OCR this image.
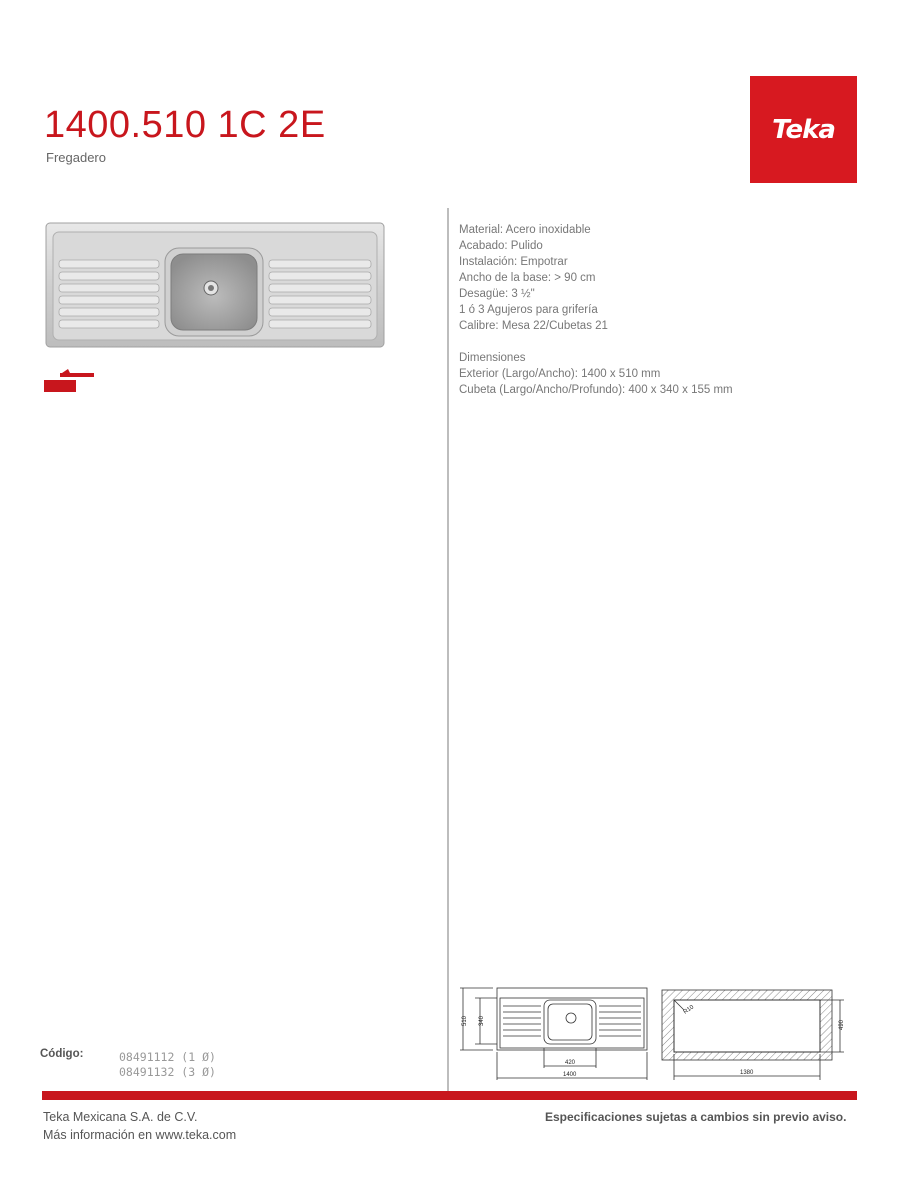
1400.510 1C 2E
Fregadero
Teka
Material: Acero inoxidable
Acabado: Pulido
Instalación: Empotrar
Ancho de la base: > 90 cm
Desagüe: 3 ½"
1 ó 3 Agujeros para grifería
Calibre: Mesa 22/Cubetas 21
Dimensiones
Exterior (Largo/Ancho): 1400 x 510 mm
Cubeta (Largo/Ancho/Profundo): 400 x 340 x 155 mm
Código:	08491112 (1 Ø)
08491132 (3 Ø)
510 340
420
1400
R10
490
1380
Teka Mexicana S.A. de C.V.
Más información en www.teka.com
Especificaciones sujetas a cambios sin previo aviso.
